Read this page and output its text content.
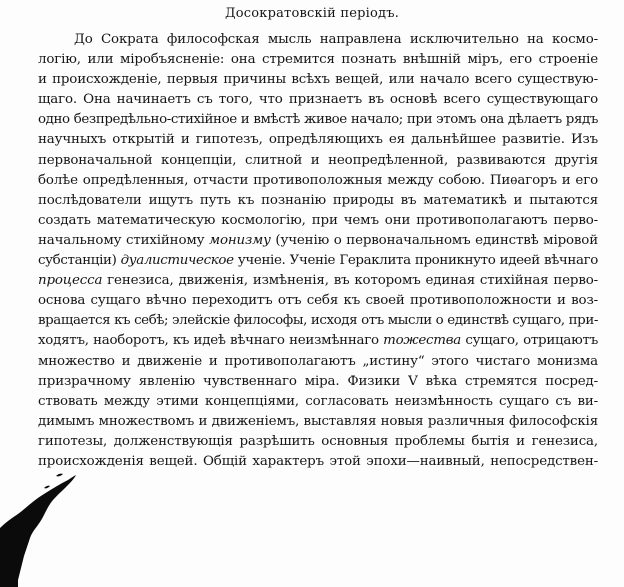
Досократовскій періодъ.
До Сократа философская мысль направлена исключительно на космо-
логію, или міробъясненіе: она стремится познать внѣшній міръ, его строеніе
и происхожденіе, первыя причины всѣхъ вещей, или начало всего существую-
щаго. Она начинаетъ съ того, что признаетъ въ основѣ всего существующаго
одно безпредѣльно-стихійное и вмѣстѣ живое начало; при этомъ она дѣлаетъ рядъ
научныхъ открытій и гипотезъ, опредѣляющихъ ея дальнѣйшее развитіе. Изъ
первоначальной концепціи, слитной и неопредѣленной, развиваются другія
болѣе опредѣленныя, отчасти противоположныя между собою. Пиѳагоръ и его
послѣдователи ищутъ путь къ познанію природы въ математикѣ и пытаются
создать математическую космологію, при чемъ они противополагаютъ перво-
начальному стихійному монизму (ученію о первоначальномъ единствѣ міровой
субстанціи) дуалистическое ученіе. Ученіе Гераклита проникнуто идеей вѣчнаго
процесса генезиса, движенія, измѣненія, въ которомъ единая стихійная перво-
основа сущаго вѣчно переходитъ отъ себя къ своей противоположности и воз-
вращается къ себѣ; элейскіе философы, исходя отъ мысли о единствѣ сущаго, при-
ходятъ, наоборотъ, къ идеѣ вѣчнаго неизмѣннаго тожества сущаго, отрицаютъ
множество и движеніе и противополагаютъ „истину“ этого чистаго монизма
призрачному явленію чувственнаго міра. Физики V вѣка стремятся посред-
ствовать между этими концепціями, согласовать неизмѣнность сущаго съ ви-
димымъ множествомъ и движеніемъ, выставляя новыя различныя философскія
гипотезы, долженствующія разрѣшить основныя проблемы бытія и генезиса,
происхожденія вещей. Общій характеръ этой эпохи—наивный, непосредствен-
